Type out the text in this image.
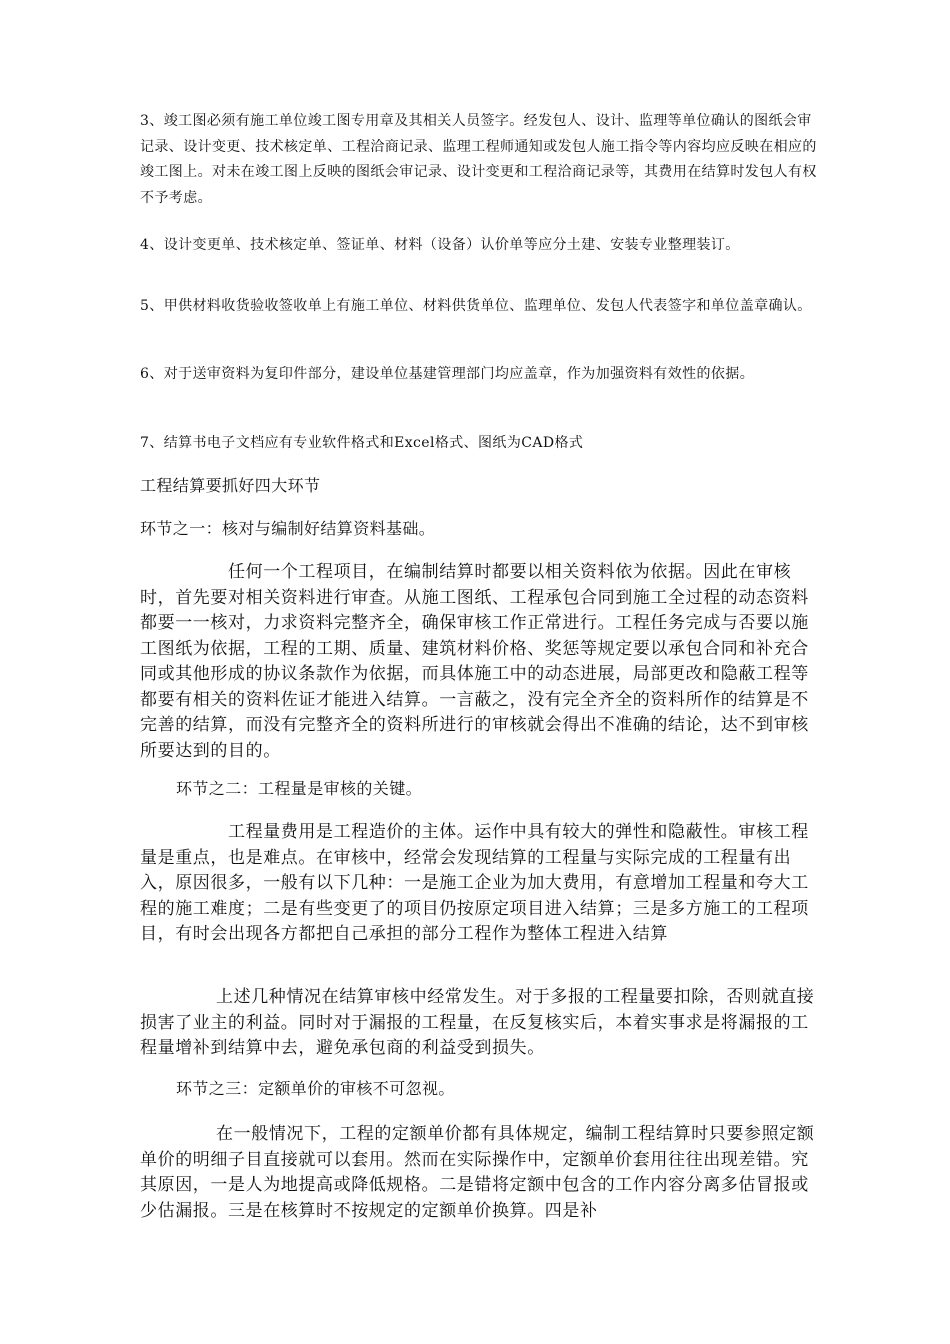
3、竣工图必须有施工单位竣工图专用章及其相关人员签字。经发包人、设计、监理等单位确认的图纸会审记录、设计变更、技术核定单、工程洽商记录、监理工程师通知或发包人施工指令等内容均应反映在相应的竣工图上。对未在竣工图上反映的图纸会审记录、设计变更和工程洽商记录等，其费用在结算时发包人有权不予考虑。

4、设计变更单、技术核定单、签证单、材料（设备）认价单等应分土建、安装专业整理装订。

5、甲供材料收货验收签收单上有施工单位、材料供货单位、监理单位、发包人代表签字和单位盖章确认。

6、对于送审资料为复印件部分，建设单位基建管理部门均应盖章，作为加强资料有效性的依据。

7、结算书电子文档应有专业软件格式和Excel格式、图纸为CAD格式

工程结算要抓好四大环节

环节之一：核对与编制好结算资料基础。

任何一个工程项目，在编制结算时都要以相关资料依为依据。因此在审核时，首先要对相关资料进行审查。从施工图纸、工程承包合同到施工全过程的动态资料都要一一核对，力求资料完整齐全，确保审核工作正常进行。工程任务完成与否要以施工图纸为依据，工程的工期、质量、建筑材料价格、奖惩等规定要以承包合同和补充合同或其他形成的协议条款作为依据，而具体施工中的动态进展，局部更改和隐蔽工程等都要有相关的资料佐证才能进入结算。一言蔽之，没有完全齐全的资料所作的结算是不完善的结算，而没有完整齐全的资料所进行的审核就会得出不准确的结论，达不到审核所要达到的目的。

环节之二：工程量是审核的关键。

工程量费用是工程造价的主体。运作中具有较大的弹性和隐蔽性。审核工程量是重点，也是难点。在审核中，经常会发现结算的工程量与实际完成的工程量有出入，原因很多，一般有以下几种：一是施工企业为加大费用，有意增加工程量和夸大工程的施工难度；二是有些变更了的项目仍按原定项目进入结算；三是多方施工的工程项目，有时会出现各方都把自己承担的部分工程作为整体工程进入结算

上述几种情况在结算审核中经常发生。对于多报的工程量要扣除，否则就直接损害了业主的利益。同时对于漏报的工程量，在反复核实后，本着实事求是将漏报的工程量增补到结算中去，避免承包商的利益受到损失。

环节之三：定额单价的审核不可忽视。

在一般情况下，工程的定额单价都有具体规定，编制工程结算时只要参照定额单价的明细子目直接就可以套用。然而在实际操作中，定额单价套用往往出现差错。究其原因，一是人为地提高或降低规格。二是错将定额中包含的工作内容分离多估冒报或少估漏报。三是在核算时不按规定的定额单价换算。四是补
